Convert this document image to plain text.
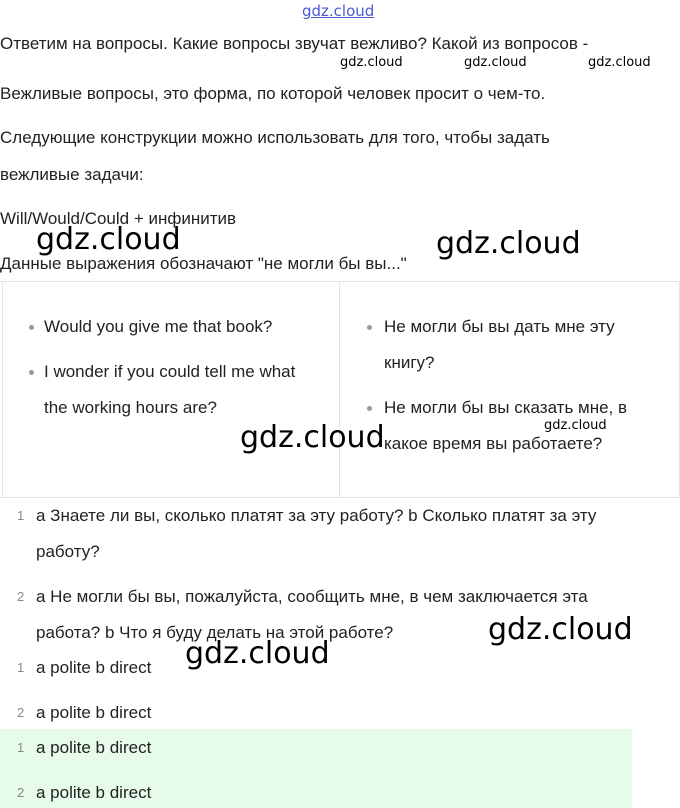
gdz.cloud
Ответим на вопросы. Какие вопросы звучат вежливо? Какой из вопросов -
gdz.cloud	gdz.cloud	gdz.cloud
Вежливые вопросы, это форма, по которой человек просит о чем-то.
Следующие конструкции можно использовать для того, чтобы задать
вежливые задачи:
Will/Would/Could + инфинитив
gdz.cloud	gdz.cloud
Данные выражения обозначают "не могли бы вы..."
Would you give me that book?
I wonder if you could tell me what
the working hours are?
Не могли бы вы дать мне эту
книгу?
Не могли бы вы сказать мне, в
какое время вы работаете?
gdz.cloud	gdz.cloud
1 a Знаете ли вы, сколько платят за эту работу? b Сколько платят за эту
работу?
2 a Не могли бы вы, пожалуйста, сообщить мне, в чем заключается эта
работа? b Что я буду делать на этой работе?	gdz.cloud
gdz.cloud
1 a polite b direct
2 a polite b direct
1 a polite b direct
2 a polite b direct
